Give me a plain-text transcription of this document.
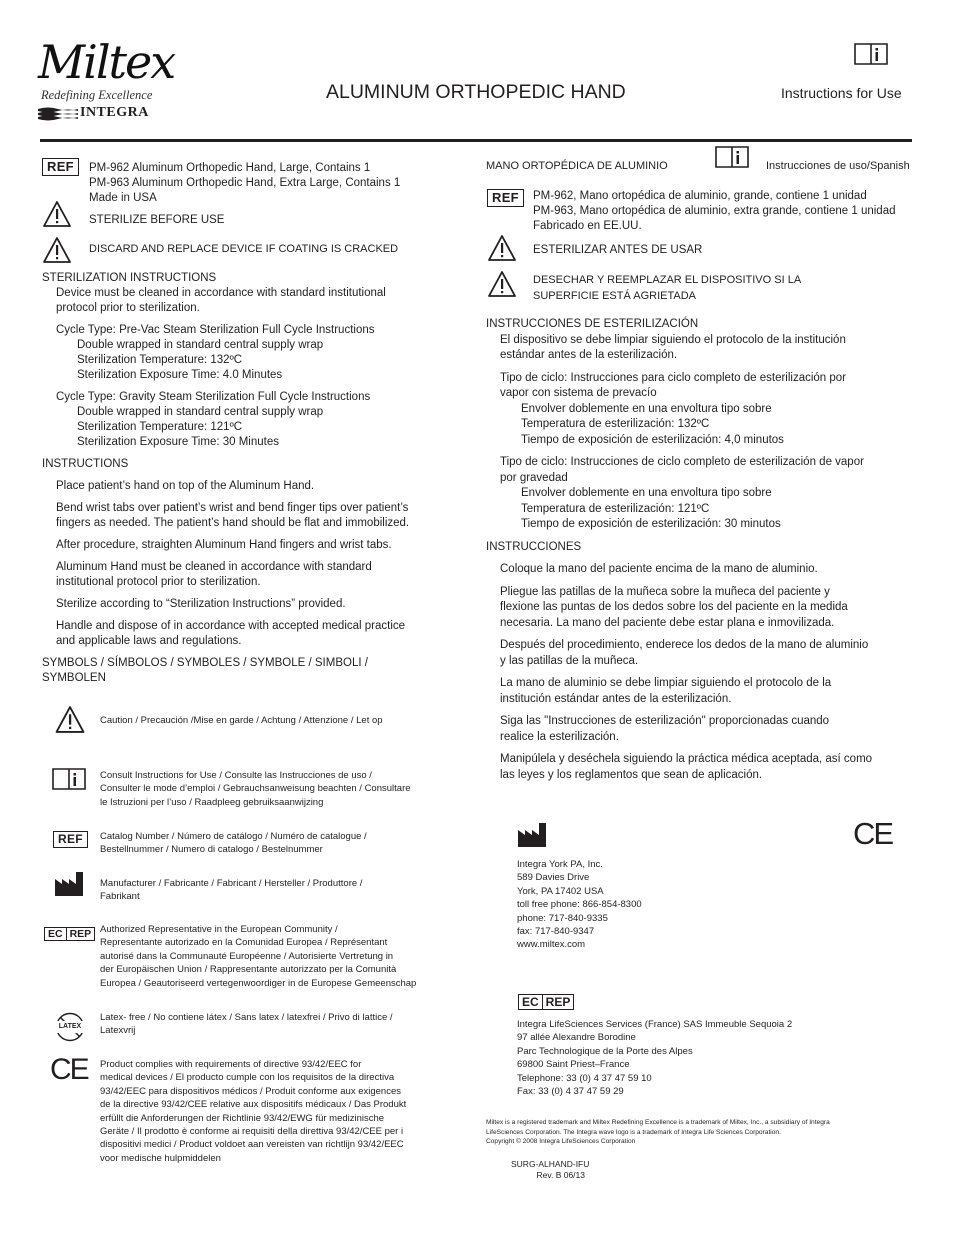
Miltex
Redefining Excellence
INTEGRA
ALUMINUM ORTHOPEDIC HAND	Instructions for Use
REF	PM-962 Aluminum Orthopedic Hand, Large, Contains 1
PM-963 Aluminum Orthopedic Hand, Extra Large, Contains 1
Made in USA
STERILIZE BEFORE USE
DISCARD AND REPLACE DEVICE IF COATING IS CRACKED
STERILIZATION INSTRUCTIONS
Device must be cleaned in accordance with standard institutional
protocol prior to sterilization.
Cycle Type: Pre-Vac Steam Sterilization Full Cycle Instructions
Double wrapped in standard central supply wrap
Sterilization Temperature: 132ºC
Sterilization Exposure Time: 4.0 Minutes
Cycle Type: Gravity Steam Sterilization Full Cycle Instructions
Double wrapped in standard central supply wrap
Sterilization Temperature: 121ºC
Sterilization Exposure Time: 30 Minutes
INSTRUCTIONS
Place patient’s hand on top of the Aluminum Hand.
Bend wrist tabs over patient’s wrist and bend finger tips over patient’s
fingers as needed. The patient’s hand should be flat and immobilized.
After procedure, straighten Aluminum Hand fingers and wrist tabs.
Aluminum Hand must be cleaned in accordance with standard
institutional protocol prior to sterilization.
Sterilize according to “Sterilization Instructions” provided.
Handle and dispose of in accordance with accepted medical practice
and applicable laws and regulations.
SYMBOLS / SÍMBOLOS / SYMBOLES / SYMBOLE / SIMBOLI /
SYMBOLEN
Caution / Precaución /Mise en garde / Achtung / Attenzione / Let op
Consult Instructions for Use / Consulte las Instrucciones de uso /
Consulter le mode d’emploi / Gebrauchsanweisung beachten / Consultare
le Istruzioni per l’uso / Raadpleeg gebruiksaanwijzing
REF	Catalog Number / Número de catálogo / Numéro de catalogue /
Bestellnummer / Numero di catalogo / Bestelnummer
Manufacturer / Fabricante / Fabricant / Hersteller / Produttore /
Fabrikant
EC REP Authorized Representative in the European Community /
Representante autorizado en la Comunidad Europea / Représentant
autorisé dans la Communauté Européenne / Autorisierte Vertretung in
der Europäischen Union / Rappresentante autorizzato per la Comunità
Europea / Geautoriseerd vertegenwoordiger in de Europese Gemeenschap
LATEX
Latex- free / No contiene látex / Sans latex / latexfrei / Privo di lattice /
Latexvrij
CE Product complies with requirements of directive 93/42/EEC for
medical devices / El producto cumple con los requisitos de la directiva
93/42/EEC para dispositivos médicos / Produit conforme aux exigences
de la directive 93/42/CEE relative aux dispositifs médicaux / Das Produkt
erfüllt die Anforderungen der Richtlinie 93/42/EWG für medizinische
Geräte / Il prodotto è conforme ai requisiti della direttiva 93/42/CEE per i
dispositivi medici / Product voldoet aan vereisten van richtlijn 93/42/EEC
voor medische hulpmiddelen
MANO ORTOPÉDICA DE ALUMINIO	Instrucciones de uso/Spanish
REF	PM-962, Mano ortopédica de aluminio, grande, contiene 1 unidad
PM-963, Mano ortopédica de aluminio, extra grande, contiene 1 unidad
Fabricado en EE.UU.
ESTERILIZAR ANTES DE USAR
DESECHAR Y REEMPLAZAR EL DISPOSITIVO SI LA
SUPERFICIE ESTÁ AGRIETADA
INSTRUCCIONES DE ESTERILIZACIÓN
El dispositivo se debe limpiar siguiendo el protocolo de la institución
estándar antes de la esterilización.
Tipo de ciclo: Instrucciones para ciclo completo de esterilización por
vapor con sistema de prevacío
Envolver doblemente en una envoltura tipo sobre
Temperatura de esterilización: 132ºC
Tiempo de exposición de esterilización: 4,0 minutos
Tipo de ciclo: Instrucciones de ciclo completo de esterilización de vapor
por gravedad
Envolver doblemente en una envoltura tipo sobre
Temperatura de esterilización: 121ºC
Tiempo de exposición de esterilización: 30 minutos
INSTRUCCIONES
Coloque la mano del paciente encima de la mano de aluminio.
Pliegue las patillas de la muñeca sobre la muñeca del paciente y
flexione las puntas de los dedos sobre los del paciente en la medida
necesaria. La mano del paciente debe estar plana e inmovilizada.
Después del procedimiento, enderece los dedos de la mano de aluminio
y las patillas de la muñeca.
La mano de aluminio se debe limpiar siguiendo el protocolo de la
institución estándar antes de la esterilización.
Siga las "Instrucciones de esterilización" proporcionadas cuando
realice la esterilización.
Manipúlela y deséchela siguiendo la práctica médica aceptada, así como
las leyes y los reglamentos que sean de aplicación.
CE
Integra York PA, Inc.
589 Davies Drive
York, PA 17402 USA
toll free phone: 866-854-8300
phone: 717-840-9335
fax: 717-840-9347
www.miltex.com
EC REP
Integra LifeSciences Services (France) SAS Immeuble Sequoia 2
97 allée Alexandre Borodine
Parc Technologique de la Porte des Alpes
69800 Saint Priest–France
Telephone: 33 (0) 4 37 47 59 10
Fax: 33 (0) 4 37 47 59 29
Miltex is a registered trademark and Miltex Redefining Excellence is a trademark of Miltex, Inc., a subsidiary of Integra
LifeSciences Corporation. The Integra wave logo is a trademark of Integra Life Sciences Corporation.
Copyright © 2008 Integra LifeSciences Corporation
SURG-ALHAND-IFU
Rev. B 06/13
